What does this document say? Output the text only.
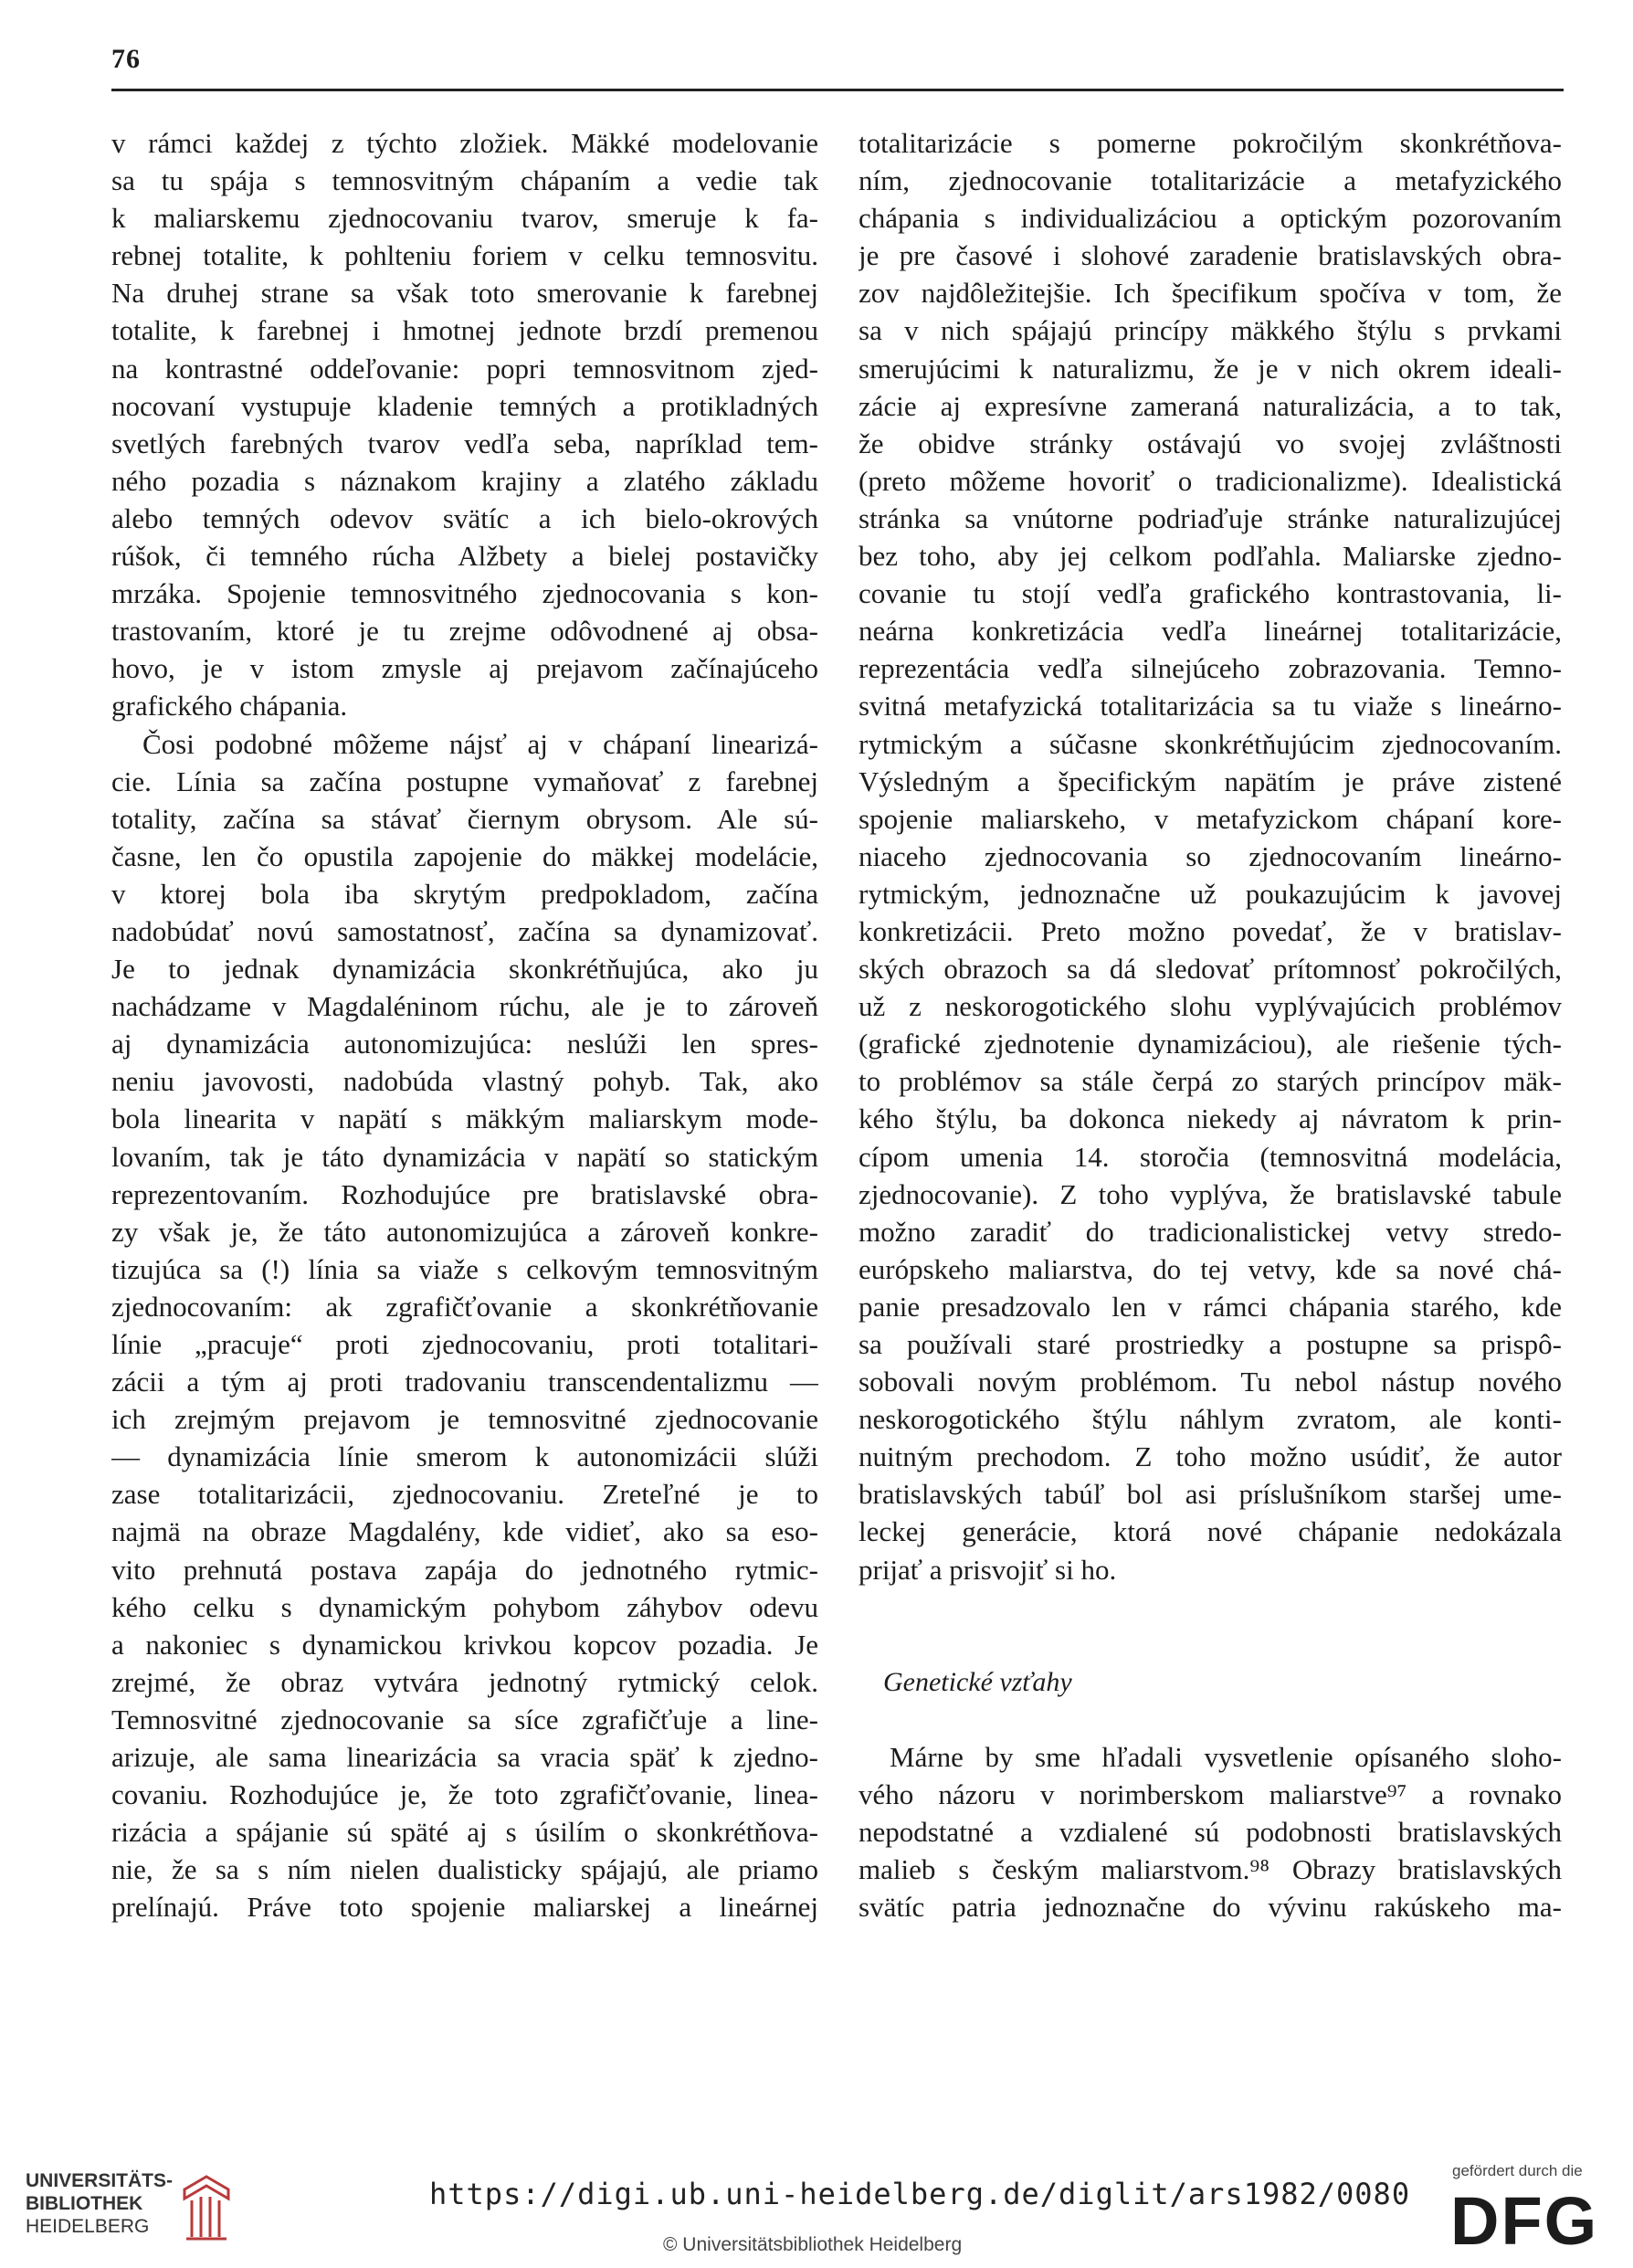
76
v rámci každej z týchto zložiek. Mäkké modelovanie
sa tu spája s temnosvitným chápaním a vedie tak
k maliarskemu zjednocovaniu tvarov, smeruje k fa-
rebnej totalite, k pohlteniu foriem v celku temnosvitu.
Na druhej strane sa však toto smerovanie k farebnej
totalite, k farebnej i hmotnej jednote brzdí premenou
na kontrastné oddeľovanie: popri temnosvitnom zjed-
nocovaní vystupuje kladenie temných a protikladných
svetlých farebných tvarov vedľa seba, napríklad tem-
ného pozadia s náznakom krajiny a zlatého základu
alebo temných odevov svätíc a ich bielo-okrových
rúšok, či temného rúcha Alžbety a bielej postavičky
mrzáka. Spojenie temnosvitného zjednocovania s kon-
trastovaním, ktoré je tu zrejme odôvodnené aj obsa-
hovo, je v istom zmysle aj prejavom začínajúceho
grafického chápania.
Čosi podobné môžeme nájsť aj v chápaní linearizá-
cie. Línia sa začína postupne vymaňovať z farebnej
totality, začína sa stávať čiernym obrysom. Ale sú-
časne, len čo opustila zapojenie do mäkkej modelácie,
v ktorej bola iba skrytým predpokladom, začína
nadobúdať novú samostatnosť, začína sa dynamizovať.
Je to jednak dynamizácia skonkrétňujúca, ako ju
nachádzame v Magdaléninom rúchu, ale je to zároveň
aj dynamizácia autonomizujúca: neslúži len spres-
neniu javovosti, nadobúda vlastný pohyb. Tak, ako
bola linearita v napätí s mäkkým maliarskym mode-
lovaním, tak je táto dynamizácia v napätí so statickým
reprezentovaním. Rozhodujúce pre bratislavské obra-
zy však je, že táto autonomizujúca a zároveň konkre-
tizujúca sa (!) línia sa viaže s celkovým temnosvitným
zjednocovaním: ak zgrafičťovanie a skonkrétňovanie
línie „pracuje“ proti zjednocovaniu, proti totalitari-
zácii a tým aj proti tradovaniu transcendentalizmu —
ich zrejmým prejavom je temnosvitné zjednocovanie
— dynamizácia línie smerom k autonomizácii slúži
zase totalitarizácii, zjednocovaniu. Zreteľné je to
najmä na obraze Magdalény, kde vidieť, ako sa eso-
vito prehnutá postava zapája do jednotného rytmic-
kého celku s dynamickým pohybom záhybov odevu
a nakoniec s dynamickou krivkou kopcov pozadia. Je
zrejmé, že obraz vytvára jednotný rytmický celok.
Temnosvitné zjednocovanie sa síce zgrafičťuje a line-
arizuje, ale sama linearizácia sa vracia späť k zjedno-
covaniu. Rozhodujúce je, že toto zgrafičťovanie, linea-
rizácia a spájanie sú späté aj s úsilím o skonkrétňova-
nie, že sa s ním nielen dualisticky spájajú, ale priamo
prelínajú. Práve toto spojenie maliarskej a lineárnej
totalitarizácie s pomerne pokročilým skonkrétňova-
ním, zjednocovanie totalitarizácie a metafyzického
chápania s individualizáciou a optickým pozorovaním
je pre časové i slohové zaradenie bratislavských obra-
zov najdôležitejšie. Ich špecifikum spočíva v tom, že
sa v nich spájajú princípy mäkkého štýlu s prvkami
smerujúcimi k naturalizmu, že je v nich okrem ideali-
zácie aj expresívne zameraná naturalizácia, a to tak,
že obidve stránky ostávajú vo svojej zvláštnosti
(preto môžeme hovoriť o tradicionalizme). Idealistická
stránka sa vnútorne podriaďuje stránke naturalizujúcej
bez toho, aby jej celkom podľahla. Maliarske zjedno-
covanie tu stojí vedľa grafického kontrastovania, li-
neárna konkretizácia vedľa lineárnej totalitarizácie,
reprezentácia vedľa silnejúceho zobrazovania. Temno-
svitná metafyzická totalitarizácia sa tu viaže s lineárno-
rytmickým a súčasne skonkrétňujúcim zjednocovaním.
Výsledným a špecifickým napätím je práve zistené
spojenie maliarskeho, v metafyzickom chápaní kore-
niaceho zjednocovania so zjednocovaním lineárno-
rytmickým, jednoznačne už poukazujúcim k javovej
konkretizácii. Preto možno povedať, že v bratislav-
ských obrazoch sa dá sledovať prítomnosť pokročilých,
už z neskorogotického slohu vyplývajúcich problémov
(grafické zjednotenie dynamizáciou), ale riešenie tých-
to problémov sa stále čerpá zo starých princípov mäk-
kého štýlu, ba dokonca niekedy aj návratom k prin-
cípom umenia 14. storočia (temnosvitná modelácia,
zjednocovanie). Z toho vyplýva, že bratislavské tabule
možno zaradiť do tradicionalistickej vetvy stredo-
európskeho maliarstva, do tej vetvy, kde sa nové chá-
panie presadzovalo len v rámci chápania starého, kde
sa používali staré prostriedky a postupne sa prispô-
sobovali novým problémom. Tu nebol nástup nového
neskorogotického štýlu náhlym zvratom, ale konti-
nuitným prechodom. Z toho možno usúdiť, že autor
bratislavských tabúľ bol asi príslušníkom staršej ume-
leckej generácie, ktorá nové chápanie nedokázala
prijať a prisvojiť si ho.
Genetické vzťahy
Márne by sme hľadali vysvetlenie opísaného sloho-
vého názoru v norimberskom maliarstve⁹⁷ a rovnako
nepodstatné a vzdialené sú podobnosti bratislavských
malieb s českým maliarstvom.⁹⁸ Obrazy bratislavských
svätíc patria jednoznačne do vývinu rakúskeho ma-
UNIVERSITÄTS-
BIBLIOTHEK
HEIDELBERG
https://digi.ub.uni-heidelberg.de/diglit/ars1982/0080
© Universitätsbibliothek Heidelberg
gefördert durch die
DFG
